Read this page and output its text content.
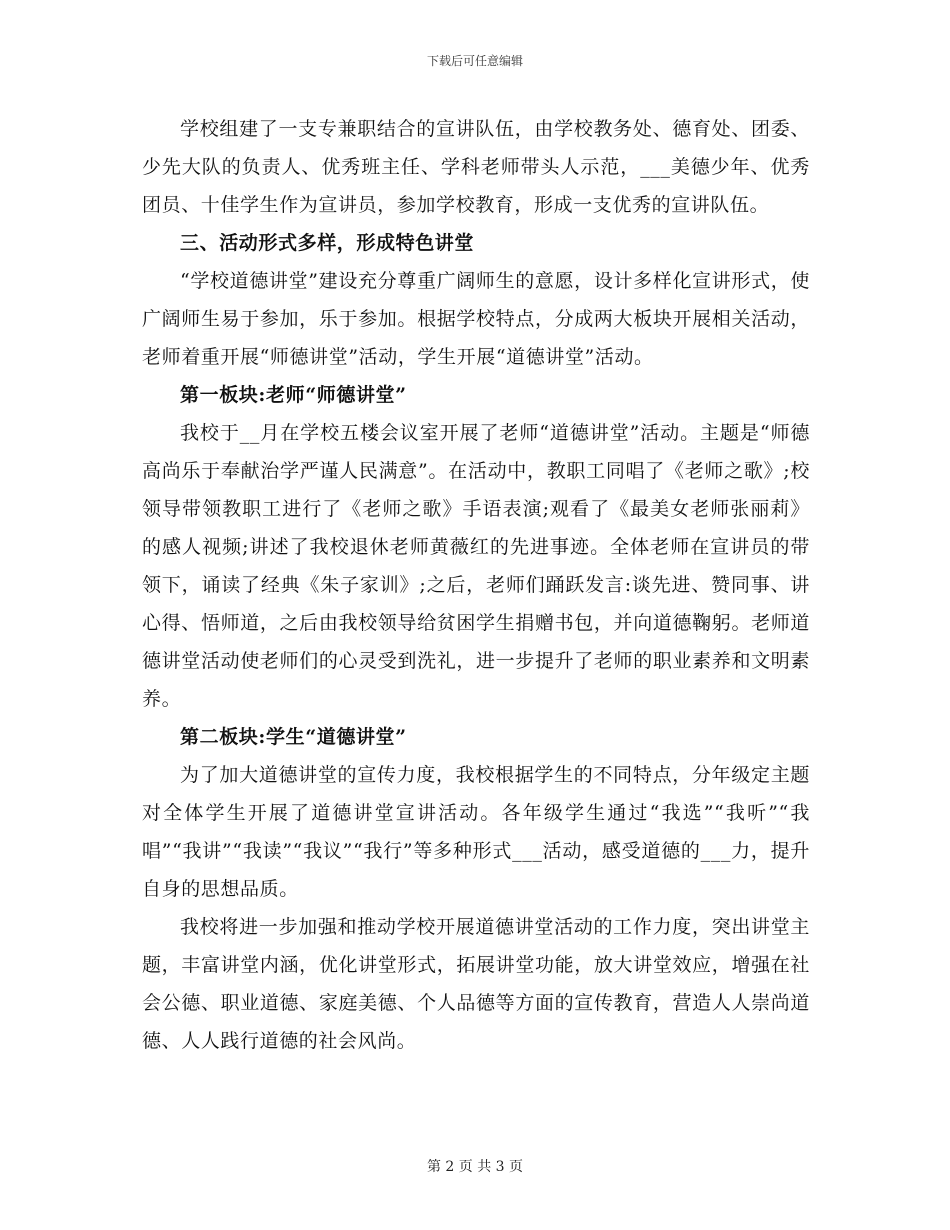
下载后可任意编辑

学校组建了一支专兼职结合的宣讲队伍，由学校教务处、德育处、团委、少先大队的负责人、优秀班主任、学科老师带头人示范，___美德少年、优秀团员、十佳学生作为宣讲员，参加学校教育，形成一支优秀的宣讲队伍。

三、活动形式多样，形成特色讲堂

“学校道德讲堂”建设充分尊重广阔师生的意愿，设计多样化宣讲形式，使广阔师生易于参加，乐于参加。根据学校特点，分成两大板块开展相关活动，老师着重开展“师德讲堂”活动，学生开展“道德讲堂”活动。

第一板块:老师“师德讲堂”

我校于__月在学校五楼会议室开展了老师“道德讲堂”活动。主题是“师德高尚乐于奉献治学严谨人民满意”。在活动中，教职工同唱了《老师之歌》;校领导带领教职工进行了《老师之歌》手语表演;观看了《最美女老师张丽莉》的感人视频;讲述了我校退休老师黄薇红的先进事迹。全体老师在宣讲员的带领下，诵读了经典《朱子家训》;之后，老师们踊跃发言:谈先进、赞同事、讲心得、悟师道，之后由我校领导给贫困学生捐赠书包，并向道德鞠躬。老师道德讲堂活动使老师们的心灵受到洗礼，进一步提升了老师的职业素养和文明素养。

第二板块:学生“道德讲堂”

为了加大道德讲堂的宣传力度，我校根据学生的不同特点，分年级定主题对全体学生开展了道德讲堂宣讲活动。各年级学生通过“我选”“我听”“我唱”“我讲”“我读”“我议”“我行”等多种形式___活动，感受道德的___力，提升自身的思想品质。

我校将进一步加强和推动学校开展道德讲堂活动的工作力度，突出讲堂主题，丰富讲堂内涵，优化讲堂形式，拓展讲堂功能，放大讲堂效应，增强在社会公德、职业道德、家庭美德、个人品德等方面的宣传教育，营造人人崇尚道德、人人践行道德的社会风尚。

第 2 页 共 3 页
